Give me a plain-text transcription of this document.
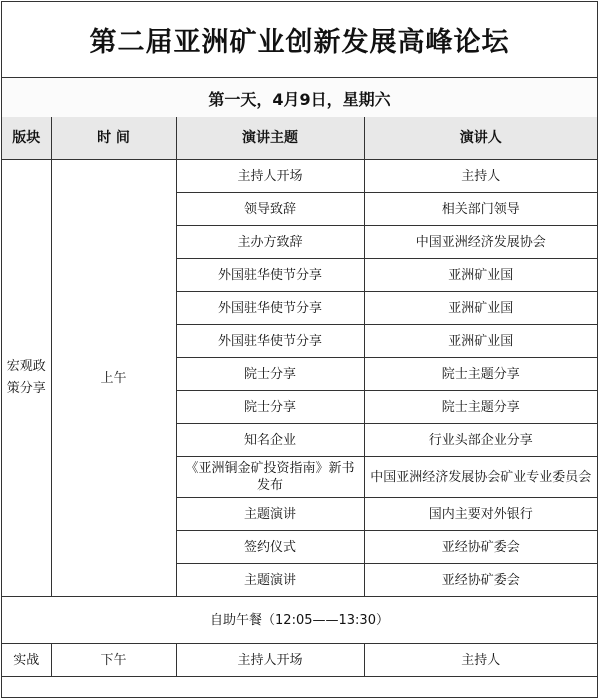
第二届亚洲矿业创新发展高峰论坛
第一天，4月9日，星期六
版块	时 间	演讲主题	演讲人
宏观政策分享	上午	主持人开场	主持人
		领导致辞	相关部门领导
		主办方致辞	中国亚洲经济发展协会
		外国驻华使节分享	亚洲矿业国
		外国驻华使节分享	亚洲矿业国
		外国驻华使节分享	亚洲矿业国
		院士分享	院士主题分享
		院士分享	院士主题分享
		知名企业	行业头部企业分享
		《亚洲铜金矿投资指南》新书发布	中国亚洲经济发展协会矿业专业委员会
		主题演讲	国内主要对外银行
		签约仪式	亚经协矿委会
		主题演讲	亚经协矿委会
自助午餐（12:05——13:30）			
实战	下午	主持人开场	主持人
